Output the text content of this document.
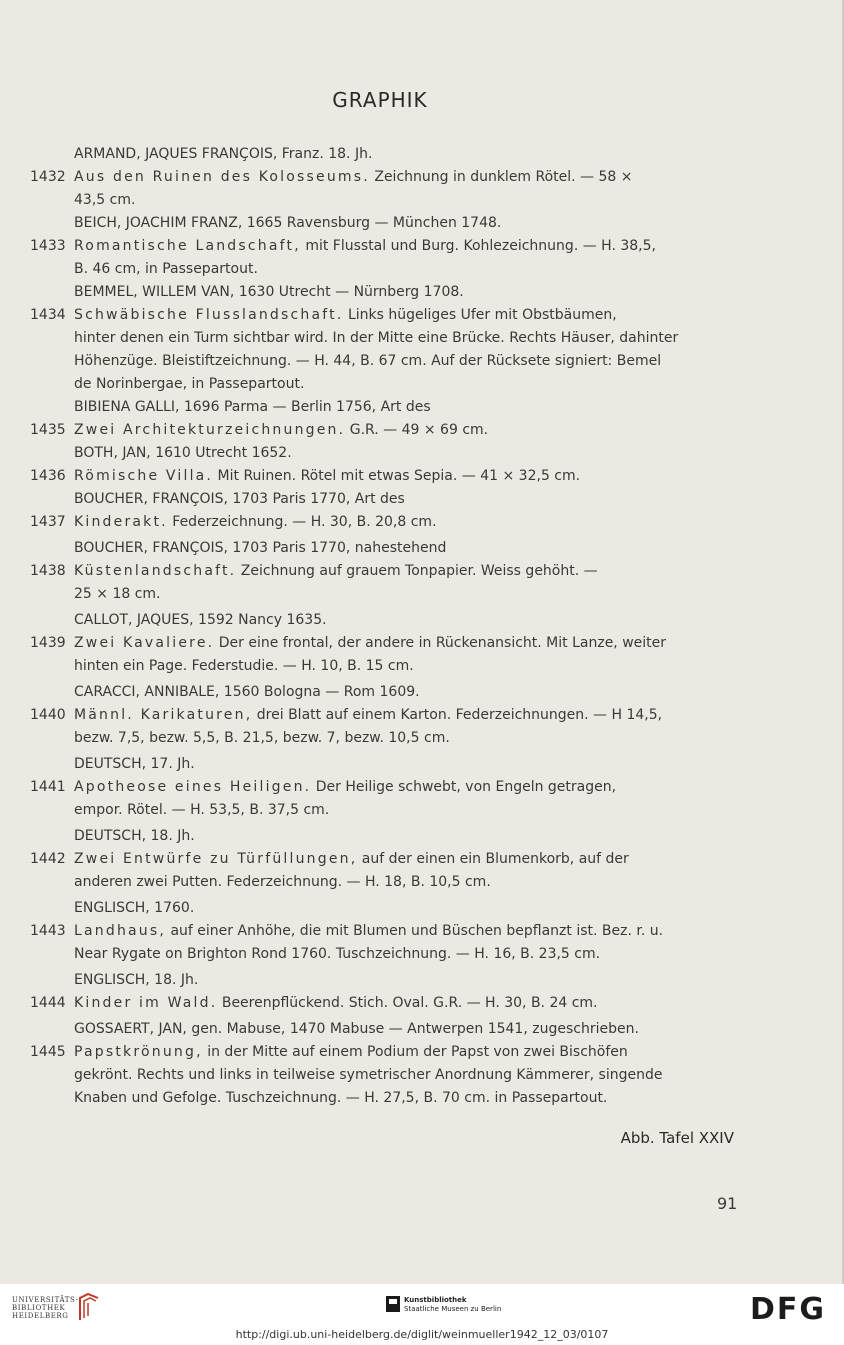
GRAPHIK
ARMAND, JAQUES FRANÇOIS, Franz. 18. Jh.
1432 Aus den Ruinen des Kolosseums. Zeichnung in dunklem Rötel. — 58 ×
43,5 cm.
BEICH, JOACHIM FRANZ, 1665 Ravensburg — München 1748.
1433 Romantische Landschaft, mit Flusstal und Burg. Kohlezeichnung. — H. 38,5,
B. 46 cm, in Passepartout.
BEMMEL, WILLEM VAN, 1630 Utrecht — Nürnberg 1708.
1434 Schwäbische Flusslandschaft. Links hügeliges Ufer mit Obstbäumen,
hinter denen ein Turm sichtbar wird. In der Mitte eine Brücke. Rechts Häuser, dahinter
Höhenzüge. Bleistiftzeichnung. — H. 44, B. 67 cm. Auf der Rücksete signiert: Bemel
de Norinbergae, in Passepartout.
BIBIENA GALLI, 1696 Parma — Berlin 1756, Art des
1435 Zwei Architekturzeichnungen. G.R. — 49 × 69 cm.
BOTH, JAN, 1610 Utrecht 1652.
1436 Römische Villa. Mit Ruinen. Rötel mit etwas Sepia. — 41 × 32,5 cm.
BOUCHER, FRANÇOIS, 1703 Paris 1770, Art des
1437 Kinderakt. Federzeichnung. — H. 30, B. 20,8 cm.
BOUCHER, FRANÇOIS, 1703 Paris 1770, nahestehend
1438 Küstenlandschaft. Zeichnung auf grauem Tonpapier. Weiss gehöht. —
25 × 18 cm.
CALLOT, JAQUES, 1592 Nancy 1635.
1439 Zwei Kavaliere. Der eine frontal, der andere in Rückenansicht. Mit Lanze, weiter
hinten ein Page. Federstudie. — H. 10, B. 15 cm.
CARACCI, ANNIBALE, 1560 Bologna — Rom 1609.
1440 Männl. Karikaturen, drei Blatt auf einem Karton. Federzeichnungen. — H 14,5,
bezw. 7,5, bezw. 5,5, B. 21,5, bezw. 7, bezw. 10,5 cm.
DEUTSCH, 17. Jh.
1441 Apotheose eines Heiligen. Der Heilige schwebt, von Engeln getragen,
empor. Rötel. — H. 53,5, B. 37,5 cm.
DEUTSCH, 18. Jh.
1442 Zwei Entwürfe zu Türfüllungen, auf der einen ein Blumenkorb, auf der
anderen zwei Putten. Federzeichnung. — H. 18, B. 10,5 cm.
ENGLISCH, 1760.
1443 Landhaus, auf einer Anhöhe, die mit Blumen und Büschen bepflanzt ist. Bez. r. u.
Near Rygate on Brighton Rond 1760. Tuschzeichnung. — H. 16, B. 23,5 cm.
ENGLISCH, 18. Jh.
1444 Kinder im Wald. Beerenpflückend. Stich. Oval. G.R. — H. 30, B. 24 cm.
GOSSAERT, JAN, gen. Mabuse, 1470 Mabuse — Antwerpen 1541, zugeschrieben.
1445 Papstkrönung, in der Mitte auf einem Podium der Papst von zwei Bischöfen
gekrönt. Rechts und links in teilweise symetrischer Anordnung Kämmerer, singende
Knaben und Gefolge. Tuschzeichnung. — H. 27,5, B. 70 cm. in Passepartout.
Abb. Tafel XXIV
91
UNIVERSITÄTS-
BIBLIOTHEK
HEIDELBERG
Kunstbibliothek
Staatliche Museen zu Berlin	DFG
http://digi.ub.uni-heidelberg.de/diglit/weinmueller1942_12_03/0107
